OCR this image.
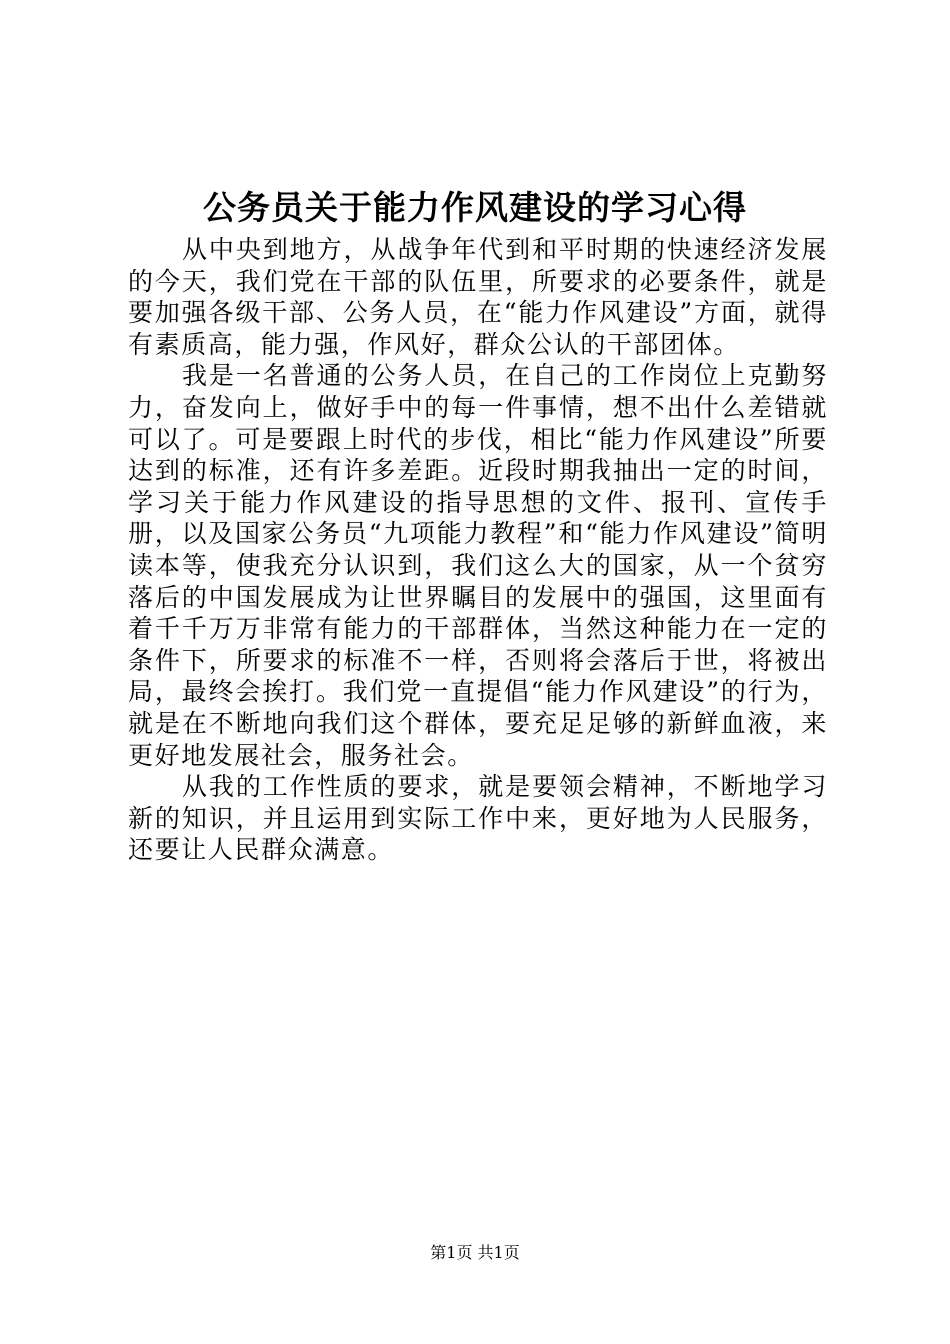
公务员关于能力作风建设的学习心得

从中央到地方，从战争年代到和平时期的快速经济发展的今天，我们党在干部的队伍里，所要求的必要条件，就是要加强各级干部、公务人员，在“能力作风建设”方面，就得有素质高，能力强，作风好，群众公认的干部团体。

我是一名普通的公务人员，在自己的工作岗位上克勤努力，奋发向上，做好手中的每一件事情，想不出什么差错就可以了。可是要跟上时代的步伐，相比“能力作风建设”所要达到的标准，还有许多差距。近段时期我抽出一定的时间，学习关于能力作风建设的指导思想的文件、报刊、宣传手册，以及国家公务员“九项能力教程”和“能力作风建设”简明读本等，使我充分认识到，我们这么大的国家，从一个贫穷落后的中国发展成为让世界瞩目的发展中的强国，这里面有着千千万万非常有能力的干部群体，当然这种能力在一定的条件下，所要求的标准不一样，否则将会落后于世，将被出局，最终会挨打。我们党一直提倡“能力作风建设”的行为，就是在不断地向我们这个群体，要充足足够的新鲜血液，来更好地发展社会，服务社会。

从我的工作性质的要求，就是要领会精神，不断地学习新的知识，并且运用到实际工作中来，更好地为人民服务，还要让人民群众满意。

第1页 共1页
